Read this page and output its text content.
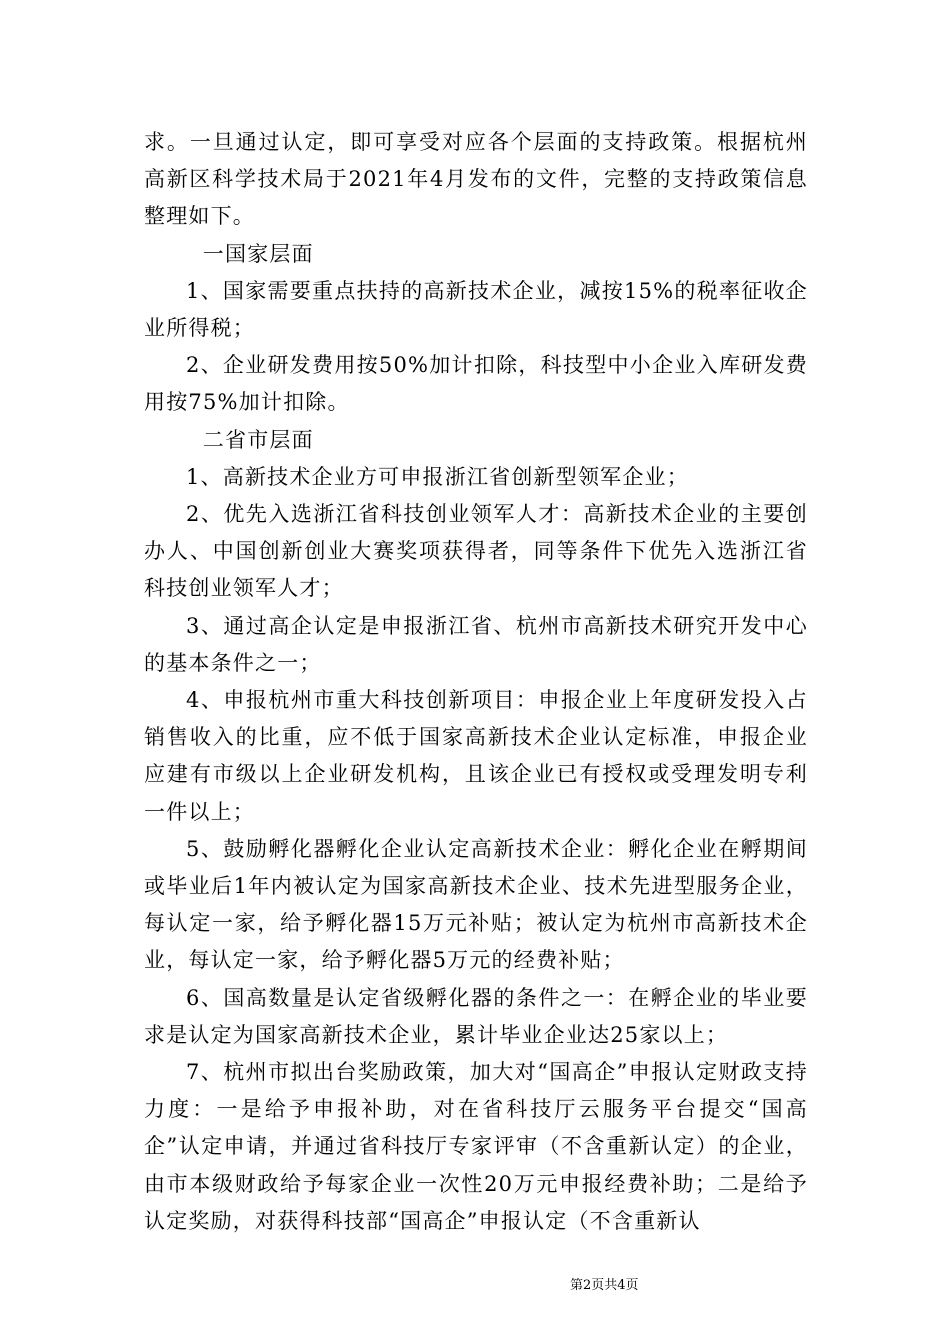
求。一旦通过认定，即可享受对应各个层面的支持政策。根据杭州高新区科学技术局于2021年4月发布的文件，完整的支持政策信息整理如下。

一国家层面

1、国家需要重点扶持的高新技术企业，减按15%的税率征收企业所得税；

2、企业研发费用按50%加计扣除，科技型中小企业入库研发费用按75%加计扣除。

二省市层面

1、高新技术企业方可申报浙江省创新型领军企业；

2、优先入选浙江省科技创业领军人才：高新技术企业的主要创办人、中国创新创业大赛奖项获得者，同等条件下优先入选浙江省科技创业领军人才；

3、通过高企认定是申报浙江省、杭州市高新技术研究开发中心的基本条件之一；

4、申报杭州市重大科技创新项目：申报企业上年度研发投入占销售收入的比重，应不低于国家高新技术企业认定标准，申报企业应建有市级以上企业研发机构，且该企业已有授权或受理发明专利一件以上；

5、鼓励孵化器孵化企业认定高新技术企业：孵化企业在孵期间或毕业后1年内被认定为国家高新技术企业、技术先进型服务企业，每认定一家，给予孵化器15万元补贴；被认定为杭州市高新技术企业，每认定一家，给予孵化器5万元的经费补贴；

6、国高数量是认定省级孵化器的条件之一：在孵企业的毕业要求是认定为国家高新技术企业，累计毕业企业达25家以上；

7、杭州市拟出台奖励政策，加大对“国高企”申报认定财政支持力度：一是给予申报补助，对在省科技厅云服务平台提交“国高企”认定申请，并通过省科技厅专家评审（不含重新认定）的企业，由市本级财政给予每家企业一次性20万元申报经费补助；二是给予认定奖励，对获得科技部“国高企”申报认定（不含重新认

第2页共4页
